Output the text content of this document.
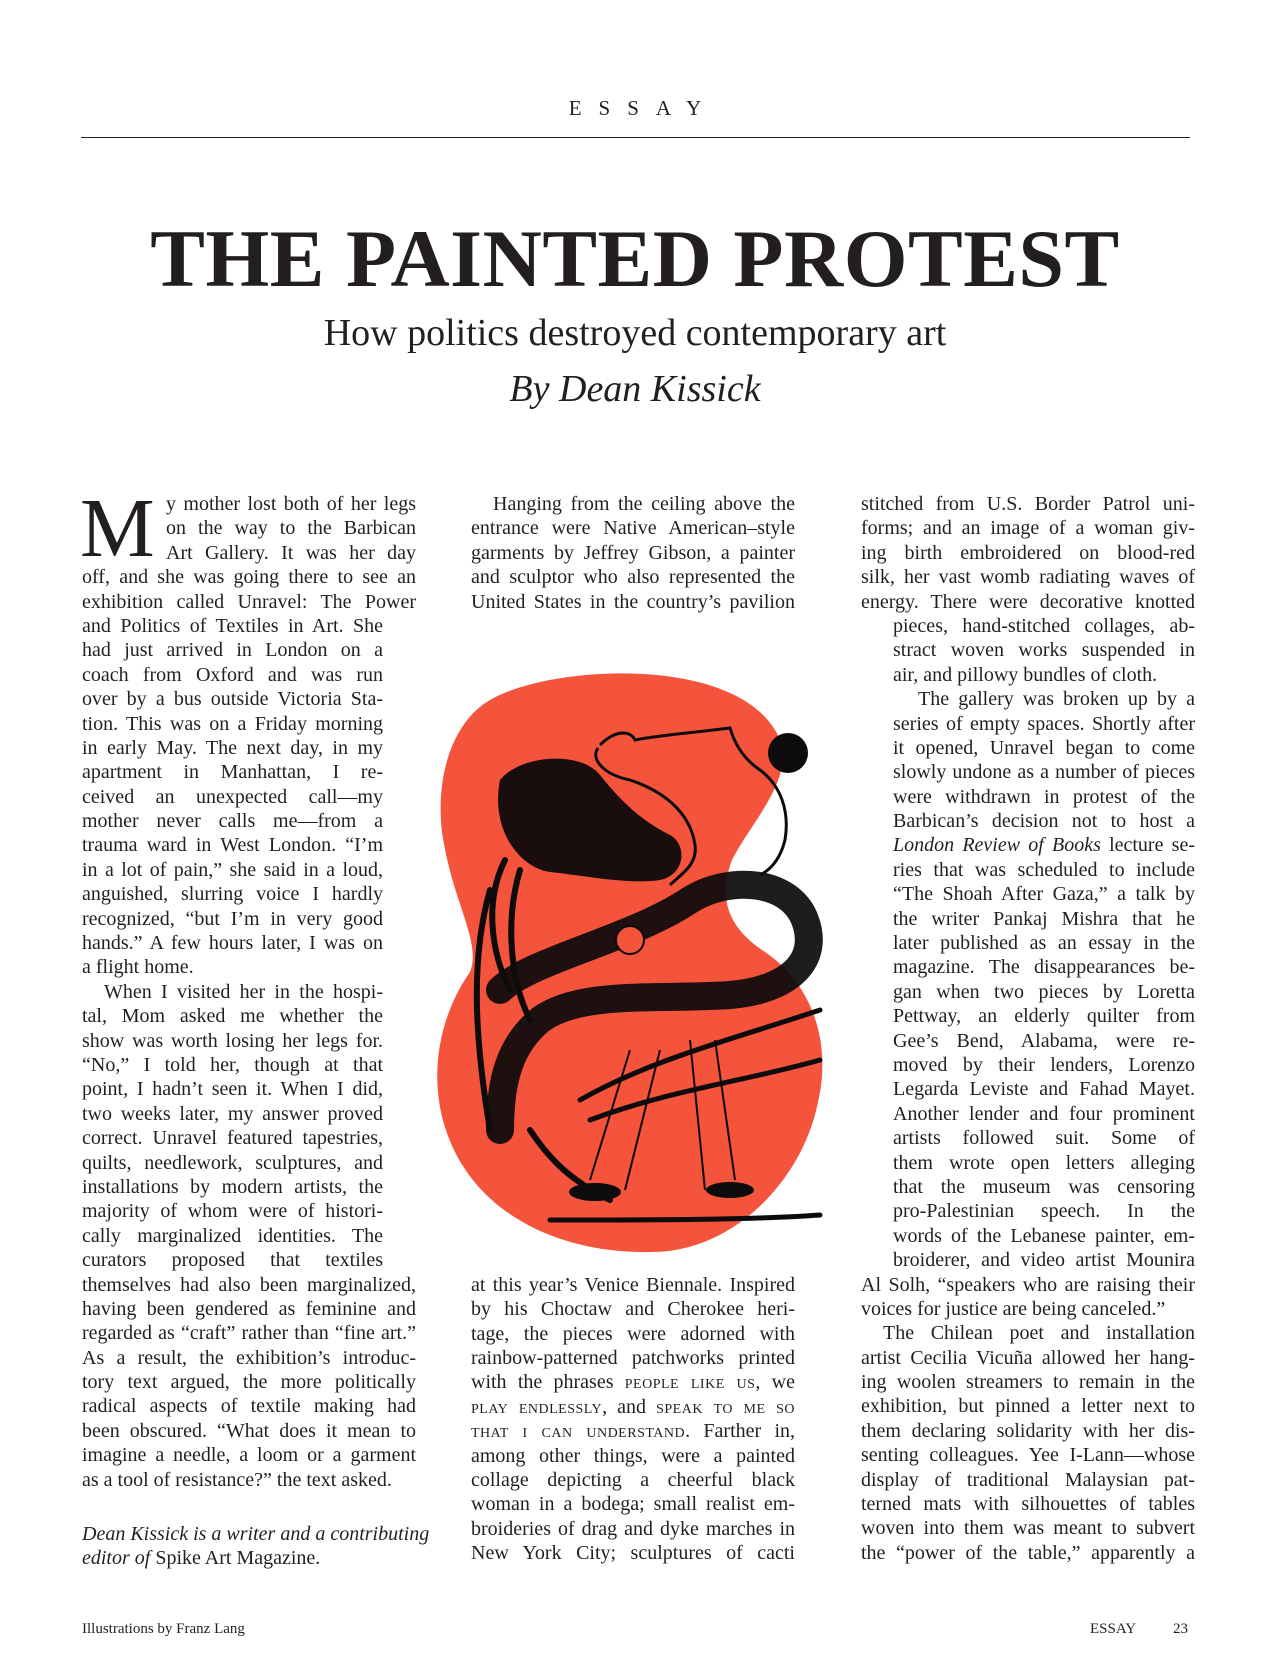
ESSAY
THE PAINTED PROTEST
How politics destroyed contemporary art
By Dean Kissick
M y mother lost both of her legs
on the way to the Barbican
Art Gallery. It was her day
off, and she was going there to see an
exhibition called Unravel: The Power
and Politics of Textiles in Art. She
had just arrived in London on a
coach from Oxford and was run
over by a bus outside Victoria Sta-
tion. This was on a Friday morning
in early May. The next day, in my
apartment in Manhattan, I re-
ceived an unexpected call—my
mother never calls me—from a
trauma ward in West London. “I’m
in a lot of pain,” she said in a loud,
anguished, slurring voice I hardly
recognized, “but I’m in very good
hands.” A few hours later, I was on
a flight home.
When I visited her in the hospi-
tal, Mom asked me whether the
show was worth losing her legs for.
“No,” I told her, though at that
point, I hadn’t seen it. When I did,
two weeks later, my answer proved
correct. Unravel featured tapestries,
quilts, needlework, sculptures, and
installations by modern artists, the
majority of whom were of histori-
cally marginalized identities. The
curators proposed that textiles
themselves had also been marginalized,
having been gendered as feminine and
regarded as “craft” rather than “fine art.”
As a result, the exhibition’s introduc-
tory text argued, the more politically
radical aspects of textile making had
been obscured. “What does it mean to
imagine a needle, a loom or a garment
as a tool of resistance?” the text asked.
Dean Kissick is a writer and a contributing
editor of Spike Art Magazine.
Hanging from the ceiling above the
entrance were Native American–style
garments by Jeffrey Gibson, a painter
and sculptor who also represented the
United States in the country’s pavilion
at this year’s Venice Biennale. Inspired
by his Choctaw and Cherokee heri-
tage, the pieces were adorned with
rainbow-patterned patchworks printed
with the phrases people like us, we
play endlessly, and speak to me so
that i can understand. Farther in,
among other things, were a painted
collage depicting a cheerful black
woman in a bodega; small realist em-
broideries of drag and dyke marches in
New York City; sculptures of cacti
stitched from U.S. Border Patrol uni-
forms; and an image of a woman giv-
ing birth embroidered on blood-red
silk, her vast womb radiating waves of
energy. There were decorative knotted
pieces, hand-stitched collages, ab-
stract woven works suspended in
air, and pillowy bundles of cloth.
The gallery was broken up by a
series of empty spaces. Shortly after
it opened, Unravel began to come
slowly undone as a number of pieces
were withdrawn in protest of the
Barbican’s decision not to host a
London Review of Books lecture se-
ries that was scheduled to include
“The Shoah After Gaza,” a talk by
the writer Pankaj Mishra that he
later published as an essay in the
magazine. The disappearances be-
gan when two pieces by Loretta
Pettway, an elderly quilter from
Gee’s Bend, Alabama, were re-
moved by their lenders, Lorenzo
Legarda Leviste and Fahad Mayet.
Another lender and four prominent
artists followed suit. Some of
them wrote open letters alleging
that the museum was censoring
pro-Palestinian speech. In the
words of the Lebanese painter, em-
broiderer, and video artist Mounira
Al Solh, “speakers who are raising their
voices for justice are being canceled.”
The Chilean poet and installation
artist Cecilia Vicuña allowed her hang-
ing woolen streamers to remain in the
exhibition, but pinned a letter next to
them declaring solidarity with her dis-
senting colleagues. Yee I-Lann—whose
display of traditional Malaysian pat-
terned mats with silhouettes of tables
woven into them was meant to subvert
the “power of the table,” apparently a
Illustrations by Franz Lang	ESSAY 23
